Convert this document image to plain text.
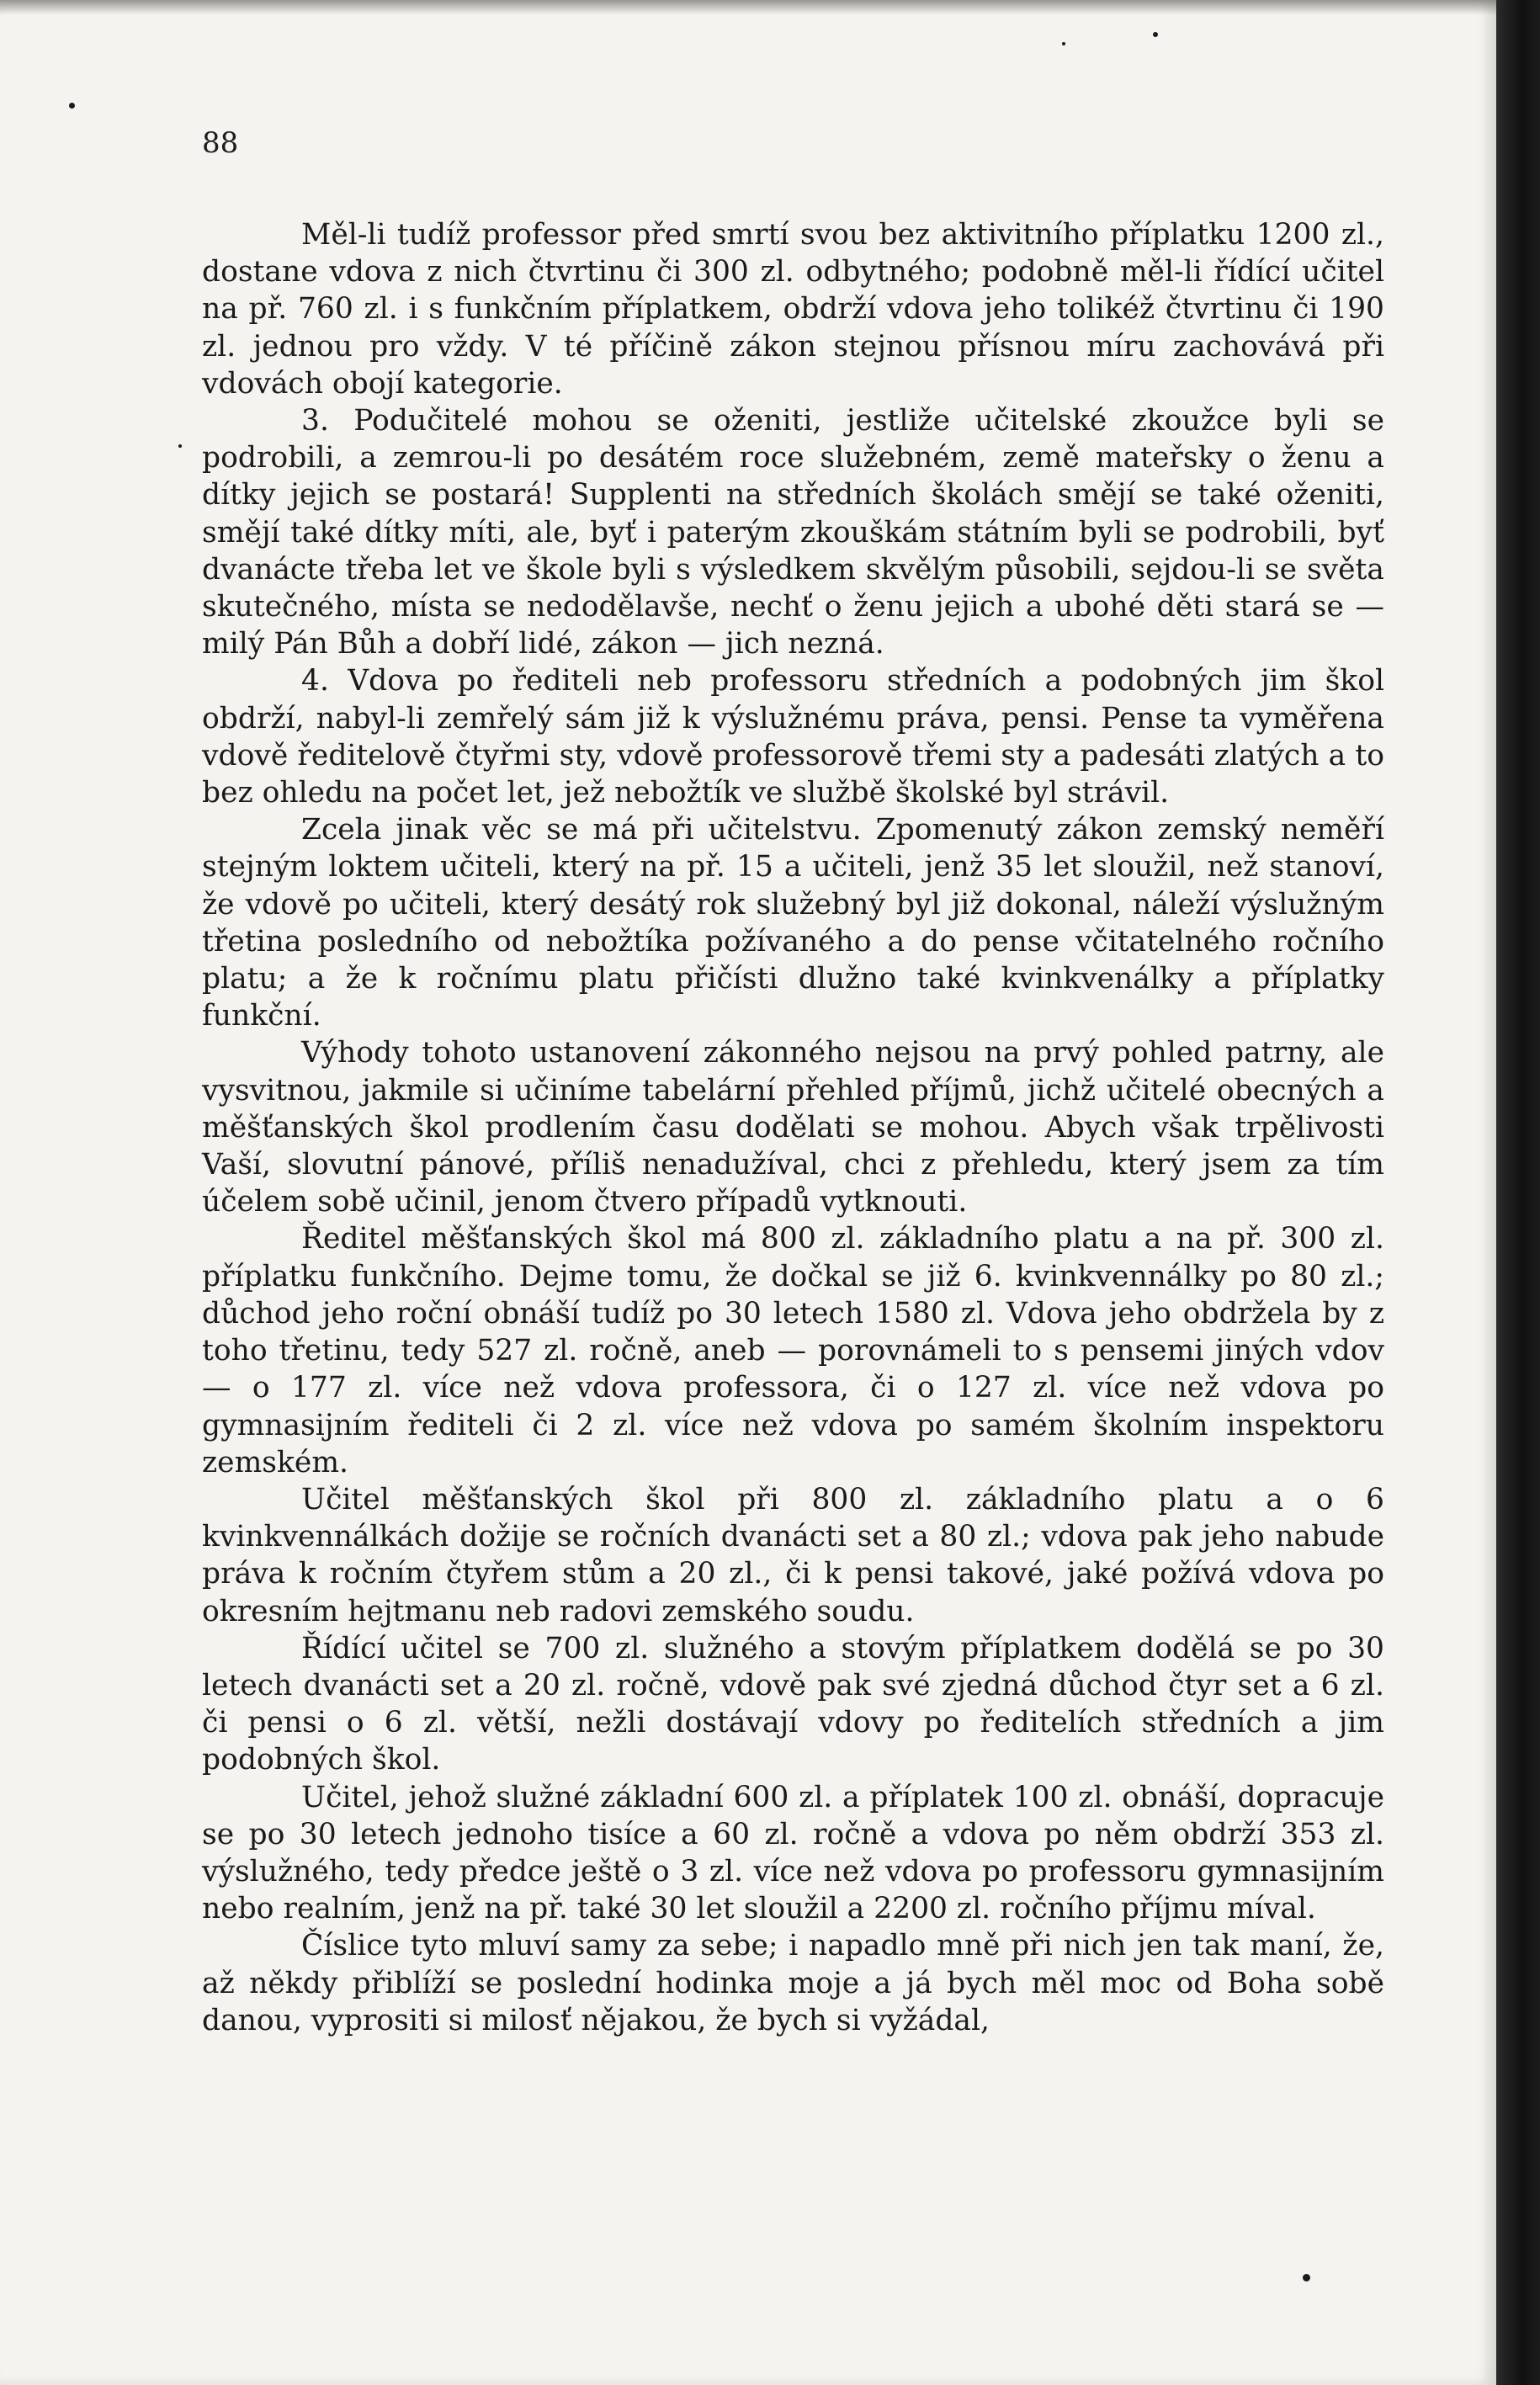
88

Měl-li tudíž professor před smrtí svou bez aktivitního příplatku 1200 zl., dostane vdova z nich čtvrtinu či 300 zl. odbytného; podobně měl-li řídící učitel na př. 760 zl. i s funkčním příplatkem, obdrží vdova jeho tolikéž čtvrtinu či 190 zl. jednou pro vždy. V té příčině zákon stejnou přísnou míru zachovává při vdovách obojí kategorie.

3. Podučitelé mohou se oženiti, jestliže učitelské zkoužce byli se podrobili, a zemrou-li po desátém roce služebném, země mateřsky o ženu a dítky jejich se postará! Supplenti na středních školách smějí se také oženiti, smějí také dítky míti, ale, byť i paterým zkouškám státním byli se podrobili, byť dvanácte třeba let ve škole byli s výsledkem skvělým působili, sejdou-li se světa skutečného, místa se nedodělavše, nechť o ženu jejich a ubohé děti stará se — milý Pán Bůh a dobří lidé, zákon — jich nezná.

4. Vdova po řediteli neb professoru středních a podobných jim škol obdrží, nabyl-li zemřelý sám již k výslužnému práva, pensi. Pense ta vyměřena vdově ředitelově čtyřmi sty, vdově professorově třemi sty a padesáti zlatých a to bez ohledu na počet let, jež nebožtík ve službě školské byl strávil.

Zcela jinak věc se má při učitelstvu. Zpomenutý zákon zemský neměří stejným loktem učiteli, který na př. 15 a učiteli, jenž 35 let sloužil, než stanoví, že vdově po učiteli, který desátý rok služebný byl již dokonal, náleží výslužným třetina posledního od nebožtíka požívaného a do pense včitatelného ročního platu; a že k ročnímu platu přičísti dlužno také kvinkvenálky a příplatky funkční.

Výhody tohoto ustanovení zákonného nejsou na prvý pohled patrny, ale vysvitnou, jakmile si učiníme tabelární přehled příjmů, jichž učitelé obecných a měšťanských škol prodlením času dodělati se mohou. Abych však trpělivosti Vaší, slovutní pánové, příliš nenadužíval, chci z přehledu, který jsem za tím účelem sobě učinil, jenom čtvero případů vytknouti.

Ředitel měšťanských škol má 800 zl. základního platu a na př. 300 zl. příplatku funkčního. Dejme tomu, že dočkal se již 6. kvinkvennálky po 80 zl.; důchod jeho roční obnáší tudíž po 30 letech 1580 zl. Vdova jeho obdržela by z toho třetinu, tedy 527 zl. ročně, aneb — porovnámeli to s pensemi jiných vdov — o 177 zl. více než vdova professora, či o 127 zl. více než vdova po gymnasijním řediteli či 2 zl. více než vdova po samém školním inspektoru zemském.

Učitel měšťanských škol při 800 zl. základního platu a o 6 kvinkvennálkách dožije se ročních dvanácti set a 80 zl.; vdova pak jeho nabude práva k ročním čtyřem stům a 20 zl., či k pensi takové, jaké požívá vdova po okresním hejtmanu neb radovi zemského soudu.

Řídící učitel se 700 zl. služného a stovým příplatkem dodělá se po 30 letech dvanácti set a 20 zl. ročně, vdově pak své zjedná důchod čtyr set a 6 zl. či pensi o 6 zl. větší, nežli dostávají vdovy po ředitelích středních a jim podobných škol.

Učitel, jehož služné základní 600 zl. a příplatek 100 zl. obnáší, dopracuje se po 30 letech jednoho tisíce a 60 zl. ročně a vdova po něm obdrží 353 zl. výslužného, tedy předce ještě o 3 zl. více než vdova po professoru gymnasijním nebo realním, jenž na př. také 30 let sloužil a 2200 zl. ročního příjmu míval.

Číslice tyto mluví samy za sebe; i napadlo mně při nich jen tak maní, že, až někdy přiblíží se poslední hodinka moje a já bych měl moc od Boha sobě danou, vyprositi si milosť nějakou, že bych si vyžádal,
